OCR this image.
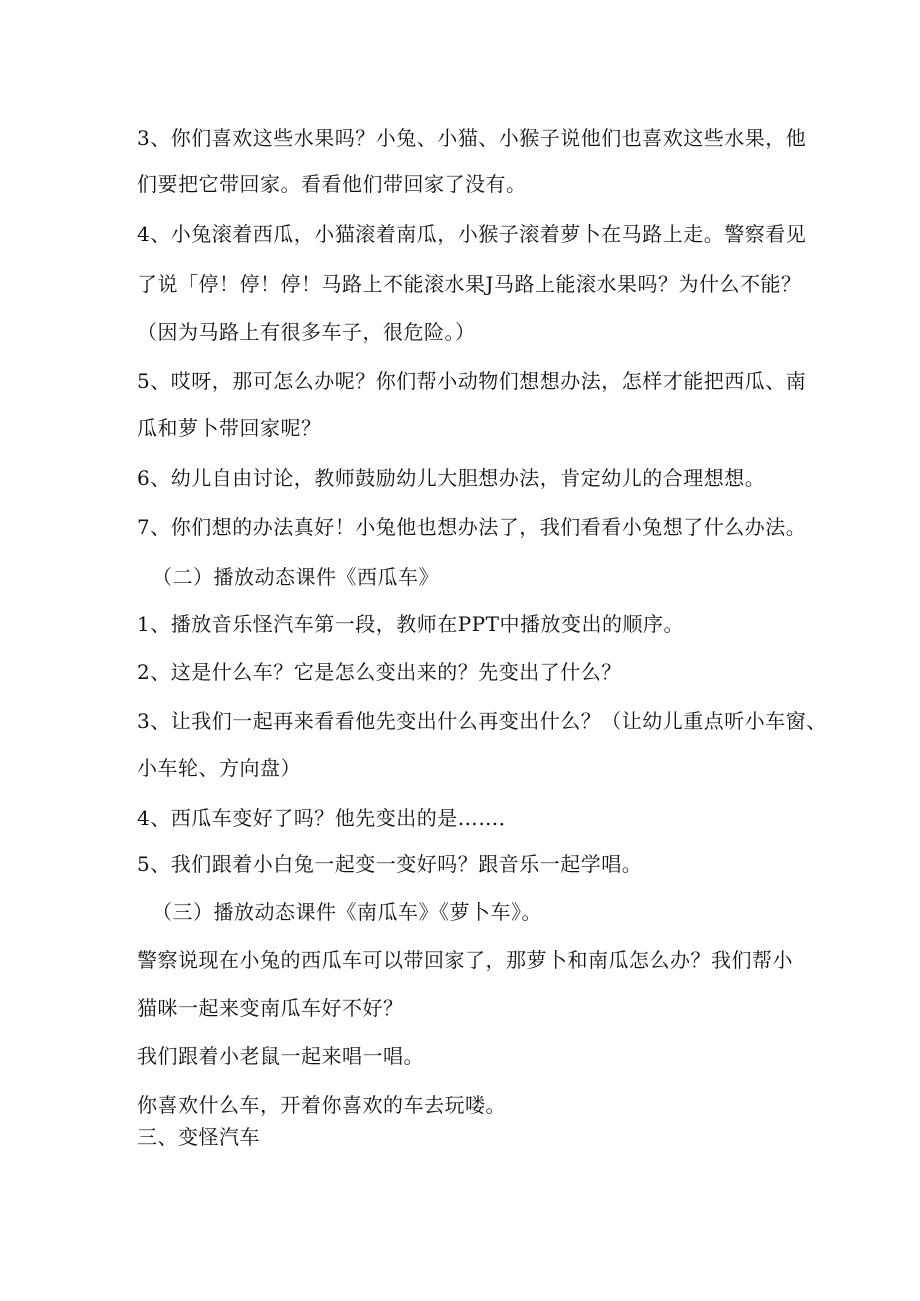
3、你们喜欢这些水果吗？小兔、小猫、小猴子说他们也喜欢这些水果，他
们要把它带回家。看看他们带回家了没有。
4、小兔滚着西瓜，小猫滚着南瓜，小猴子滚着萝卜在马路上走。警察看见
了说「停！停！停！马路上不能滚水果J马路上能滚水果吗？为什么不能？
（因为马路上有很多车子，很危险。）
5、哎呀，那可怎么办呢？你们帮小动物们想想办法，怎样才能把西瓜、南
瓜和萝卜带回家呢？
6、幼儿自由讨论，教师鼓励幼儿大胆想办法，肯定幼儿的合理想想。
7、你们想的办法真好！小兔他也想办法了，我们看看小兔想了什么办法。
（二）播放动态课件《西瓜车》
1、播放音乐怪汽车第一段，教师在PPT中播放变出的顺序。
2、这是什么车？它是怎么变出来的？先变出了什么？
3、让我们一起再来看看他先变出什么再变出什么？（让幼儿重点听小车窗、
小车轮、方向盘）
4、西瓜车变好了吗？他先变出的是……．
5、我们跟着小白兔一起变一变好吗？跟音乐一起学唱。
（三）播放动态课件《南瓜车》《萝卜车》。
警察说现在小兔的西瓜车可以带回家了，那萝卜和南瓜怎么办？我们帮小
猫咪一起来变南瓜车好不好？
我们跟着小老鼠一起来唱一唱。
你喜欢什么车，开着你喜欢的车去玩喽。
三、变怪汽车
